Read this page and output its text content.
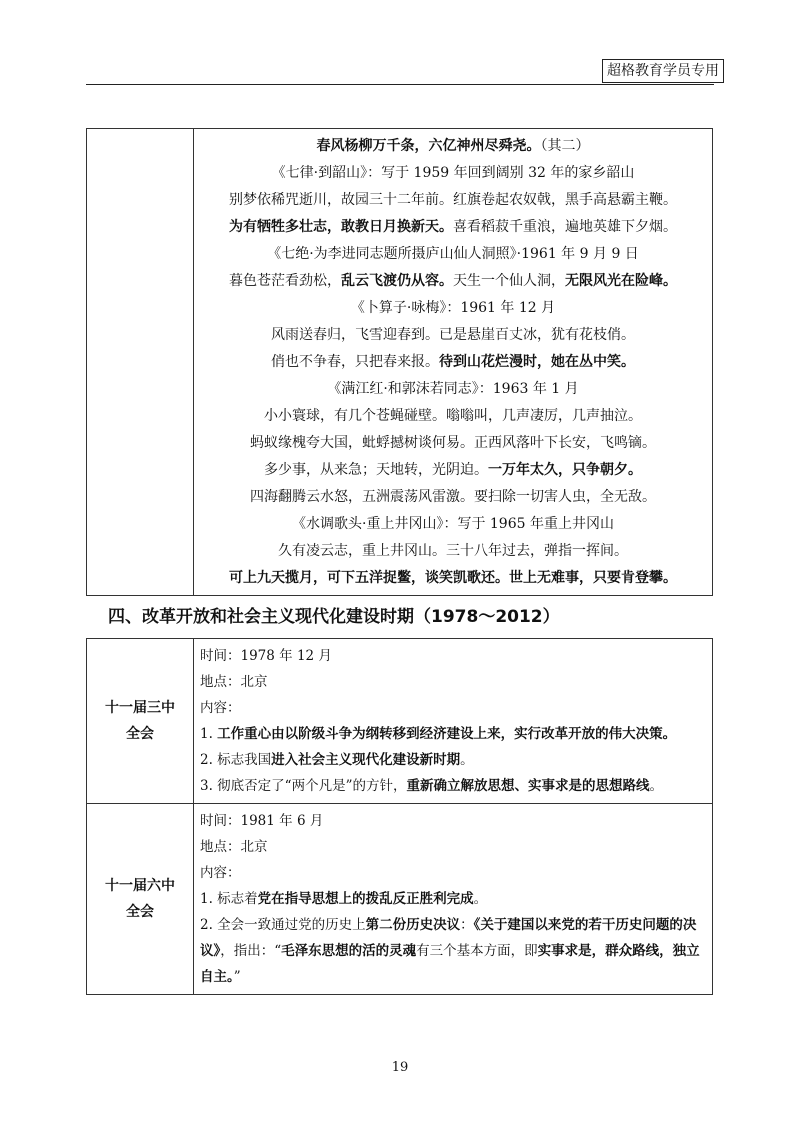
超格教育学员专用
春风杨柳万千条，六亿神州尽舜尧。（其二）
《七律·到韶山》：写于 1959 年回到阔别 32 年的家乡韶山
别梦依稀咒逝川，故园三十二年前。红旗卷起农奴戟，黑手高悬霸主鞭。
为有牺牲多壮志，敢教日月换新天。喜看稻菽千重浪，遍地英雄下夕烟。
《七绝·为李进同志题所摄庐山仙人洞照》·1961 年 9 月 9 日
暮色苍茫看劲松，乱云飞渡仍从容。天生一个仙人洞，无限风光在险峰。
《卜算子·咏梅》：1961 年 12 月
风雨送春归，飞雪迎春到。已是悬崖百丈冰，犹有花枝俏。
俏也不争春，只把春来报。待到山花烂漫时，她在丛中笑。
《满江红·和郭沫若同志》：1963 年 1 月
小小寰球，有几个苍蝇碰壁。嗡嗡叫，几声凄厉，几声抽泣。
蚂蚁缘槐夸大国，蚍蜉撼树谈何易。正西风落叶下长安，飞鸣镝。
多少事，从来急；天地转，光阴迫。一万年太久，只争朝夕。
四海翻腾云水怒，五洲震荡风雷激。要扫除一切害人虫，全无敌。
《水调歌头·重上井冈山》：写于 1965 年重上井冈山
久有凌云志，重上井冈山。三十八年过去，弹指一挥间。
可上九天揽月，可下五洋捉鳖，谈笑凯歌还。世上无难事，只要肯登攀。
四、改革开放和社会主义现代化建设时期（1978～2012）
十一届三中
全会
时间：1978 年 12 月
地点：北京
内容：
1. 工作重心由以阶级斗争为纲转移到经济建设上来，实行改革开放的伟大决策。
2. 标志我国进入社会主义现代化建设新时期。
3. 彻底否定了“两个凡是”的方针，重新确立解放思想、实事求是的思想路线。
十一届六中
全会
时间：1981 年 6 月
地点：北京
内容：
1. 标志着党在指导思想上的拨乱反正胜利完成。
2. 全会一致通过党的历史上第二份历史决议：《关于建国以来党的若干历史问题的决
议》，指出：“毛泽东思想的活的灵魂有三个基本方面，即实事求是，群众路线，独立
自主。”
19
